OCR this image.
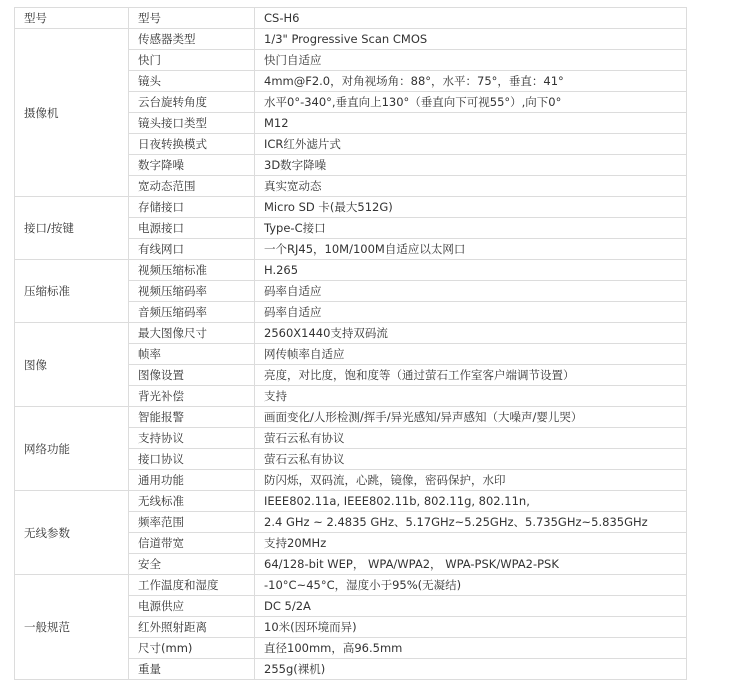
型号	型号	CS-H6
摄像机	传感器类型	1/3" Progressive Scan CMOS
	快门	快门自适应
	镜头	4mm@F2.0，对角视场角：88°，水平：75°，垂直：41°
	云台旋转角度	水平0°-340°,垂直向上130°（垂直向下可视55°）,向下0°
	镜头接口类型	M12
	日夜转换模式	ICR红外滤片式
	数字降噪	3D数字降噪
	宽动态范围	真实宽动态
接口/按键	存储接口	Micro SD 卡(最大512G)
	电源接口	Type-C接口
	有线网口	一个RJ45，10M/100M自适应以太网口
压缩标准	视频压缩标准	H.265
	视频压缩码率	码率自适应
	音频压缩码率	码率自适应
图像	最大图像尺寸	2560X1440支持双码流
	帧率	网传帧率自适应
	图像设置	亮度，对比度，饱和度等（通过萤石工作室客户端调节设置）
	背光补偿	支持
网络功能	智能报警	画面变化/人形检测/挥手/异光感知/异声感知（大噪声/婴儿哭）
	支持协议	萤石云私有协议
	接口协议	萤石云私有协议
	通用功能	防闪烁，双码流，心跳，镜像，密码保护，水印
无线参数	无线标准	IEEE802.11a, IEEE802.11b, 802.11g, 802.11n,
	频率范围	2.4 GHz ~ 2.4835 GHz、5.17GHz~5.25GHz、5.735GHz~5.835GHz
	信道带宽	支持20MHz
	安全	64/128-bit WEP， WPA/WPA2， WPA-PSK/WPA2-PSK
一般规范	工作温度和湿度	-10°C~45°C，湿度小于95%(无凝结)
	电源供应	DC 5/2A
	红外照射距离	10米(因环境而异)
	尺寸(mm)	直径100mm，高96.5mm
	重量	255g(裸机)
